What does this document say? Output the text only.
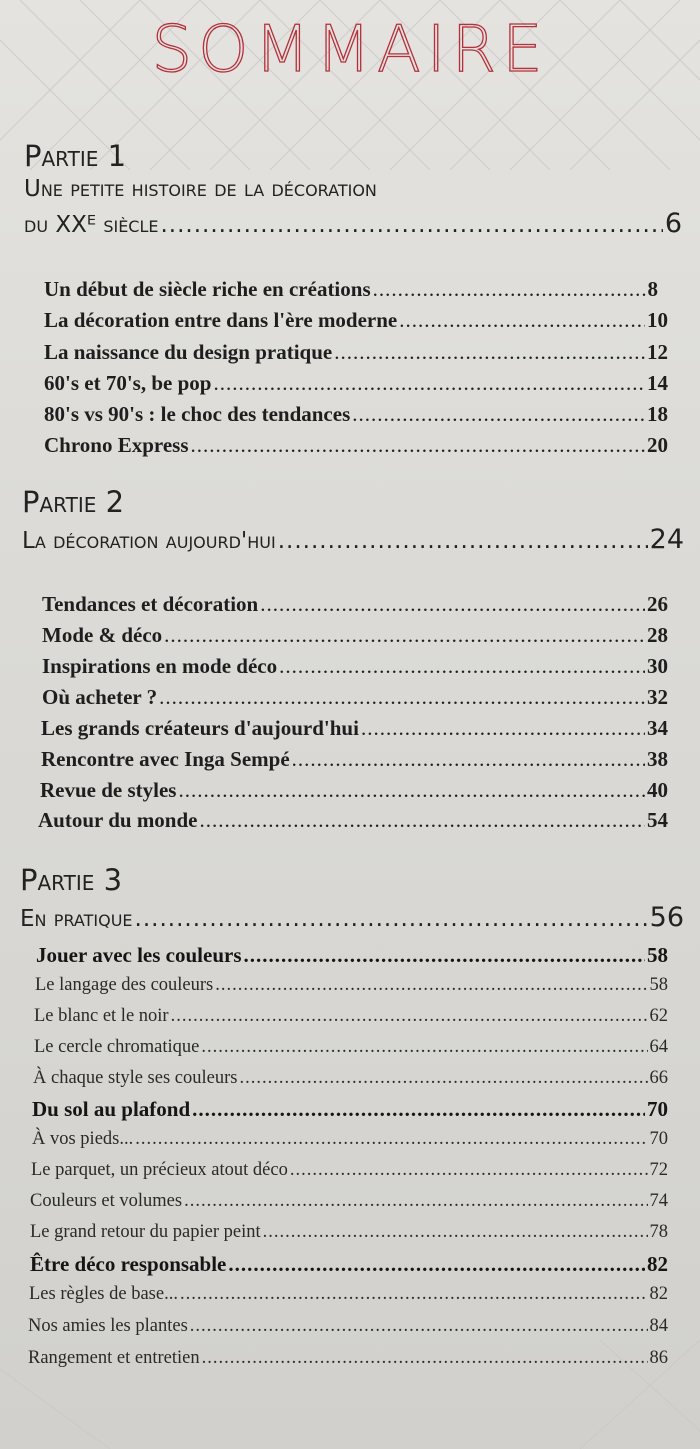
SOMMAIRE
Partie 1
Une petite histoire de la décoration
du XXᴱ siècle .....	6
Un début de siècle riche en créations .....	8
La décoration entre dans l'ère moderne .....	10
La naissance du design pratique .....	12
60's et 70's, be pop .....	14
80's vs 90's : le choc des tendances .....	18
Chrono Express .....	20
Partie 2
La décoration aujourd'hui .....	24
Tendances et décoration .....	26
Mode & déco .....	28
Inspirations en mode déco .....	30
Où acheter ? .....	32
Les grands créateurs d'aujourd'hui .....	34
Rencontre avec Inga Sempé .....	38
Revue de styles .....	40
Autour du monde .....	54
Partie 3
En pratique .....	56
Jouer avec les couleurs .....	58
Le langage des couleurs .....	58
Le blanc et le noir .....	62
Le cercle chromatique .....	64
À chaque style ses couleurs .....	66
Du sol au plafond .....	70
À vos pieds... .....	70
Le parquet, un précieux atout déco .....	72
Couleurs et volumes .....	74
Le grand retour du papier peint .....	78
Être déco responsable .....	82
Les règles de base... .....	82
Nos amies les plantes .....	84
Rangement et entretien .....	86
